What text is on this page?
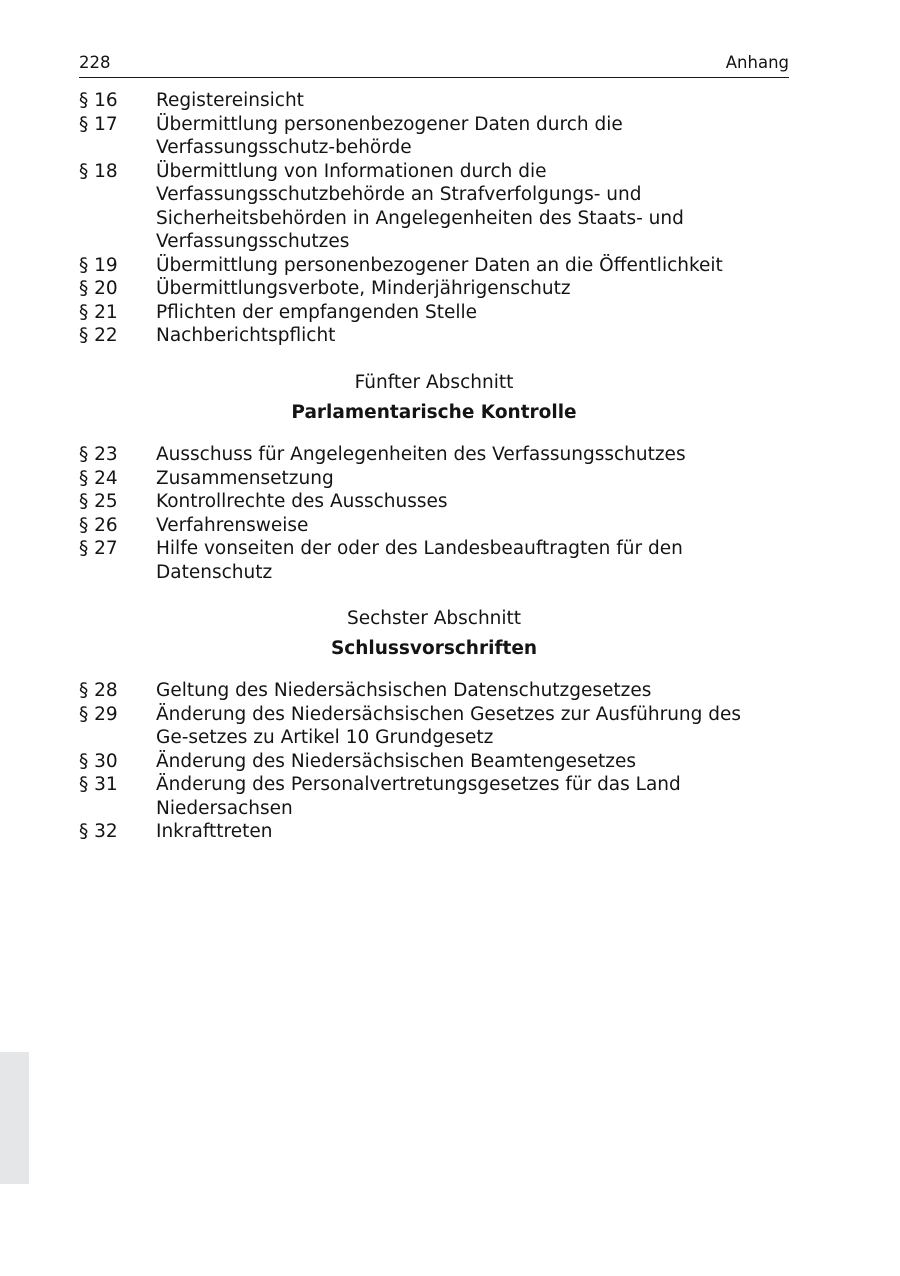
228	Anhang
§ 16	Registereinsicht
§ 17	Übermittlung personenbezogener Daten durch die Verfassungsschutz-behörde
§ 18	Übermittlung von Informationen durch die Verfassungsschutzbehörde an Strafverfolgungs- und Sicherheitsbehörden in Angelegenheiten des Staats- und Verfassungsschutzes
§ 19	Übermittlung personenbezogener Daten an die Öffentlichkeit
§ 20	Übermittlungsverbote, Minderjährigenschutz
§ 21	Pflichten der empfangenden Stelle
§ 22	Nachberichtspflicht
Fünfter Abschnitt
Parlamentarische Kontrolle
§ 23	Ausschuss für Angelegenheiten des Verfassungsschutzes
§ 24	Zusammensetzung
§ 25	Kontrollrechte des Ausschusses
§ 26	Verfahrensweise
§ 27	Hilfe vonseiten der oder des Landesbeauftragten für den Datenschutz
Sechster Abschnitt
Schlussvorschriften
§ 28	Geltung des Niedersächsischen Datenschutzgesetzes
§ 29	Änderung des Niedersächsischen Gesetzes zur Ausführung des Ge-setzes zu Artikel 10 Grundgesetz
§ 30	Änderung des Niedersächsischen Beamtengesetzes
§ 31	Änderung des Personalvertretungsgesetzes für das Land Niedersachsen
§ 32	Inkrafttreten
